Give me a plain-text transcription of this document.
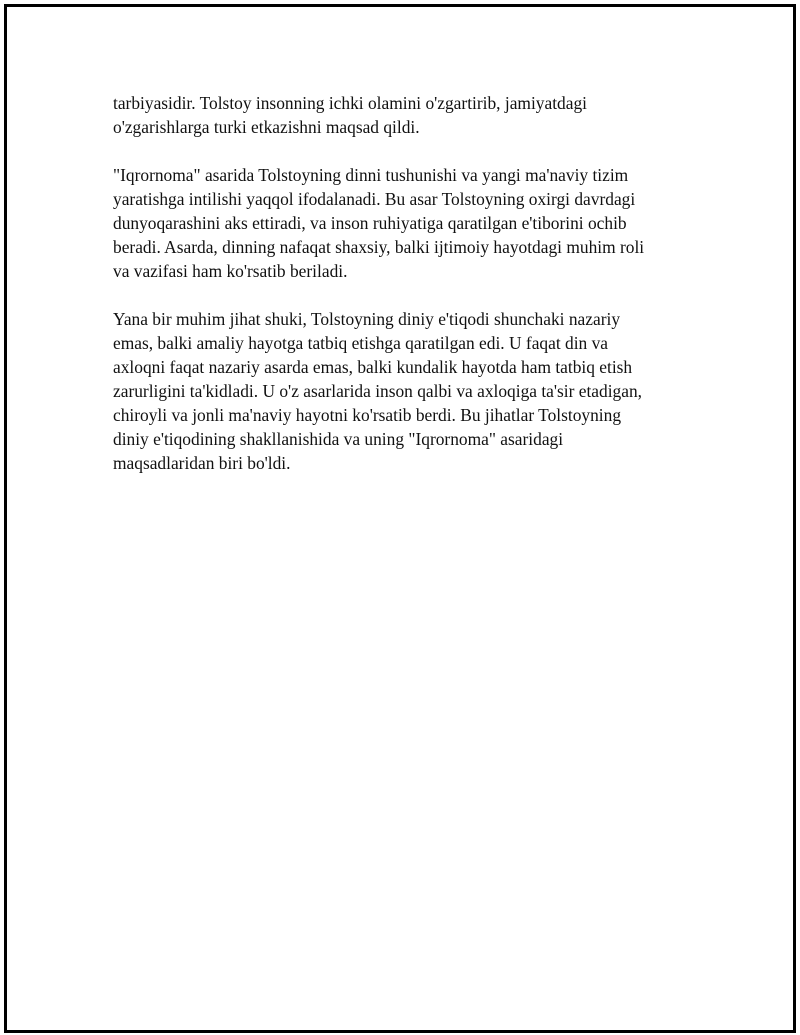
tarbiyasidir. Tolstoy insonning ichki olamini o'zgartirib, jamiyatdagi
o'zgarishlarga turki etkazishni maqsad qildi.

"Iqrornoma" asarida Tolstoyning dinni tushunishi va yangi ma'naviy tizim
yaratishga intilishi yaqqol ifodalanadi. Bu asar Tolstoyning oxirgi davrdagi
dunyoqarashini aks ettiradi, va inson ruhiyatiga qaratilgan e'tiborini ochib
beradi. Asarda, dinning nafaqat shaxsiy, balki ijtimoiy hayotdagi muhim roli
va vazifasi ham ko'rsatib beriladi.

Yana bir muhim jihat shuki, Tolstoyning diniy e'tiqodi shunchaki nazariy
emas, balki amaliy hayotga tatbiq etishga qaratilgan edi. U faqat din va
axloqni faqat nazariy asarda emas, balki kundalik hayotda ham tatbiq etish
zarurligini ta'kidladi. U o'z asarlarida inson qalbi va axloqiga ta'sir etadigan,
chiroyli va jonli ma'naviy hayotni ko'rsatib berdi. Bu jihatlar Tolstoyning
diniy e'tiqodining shakllanishida va uning "Iqrornoma" asaridagi
maqsadlaridan biri bo'ldi.
